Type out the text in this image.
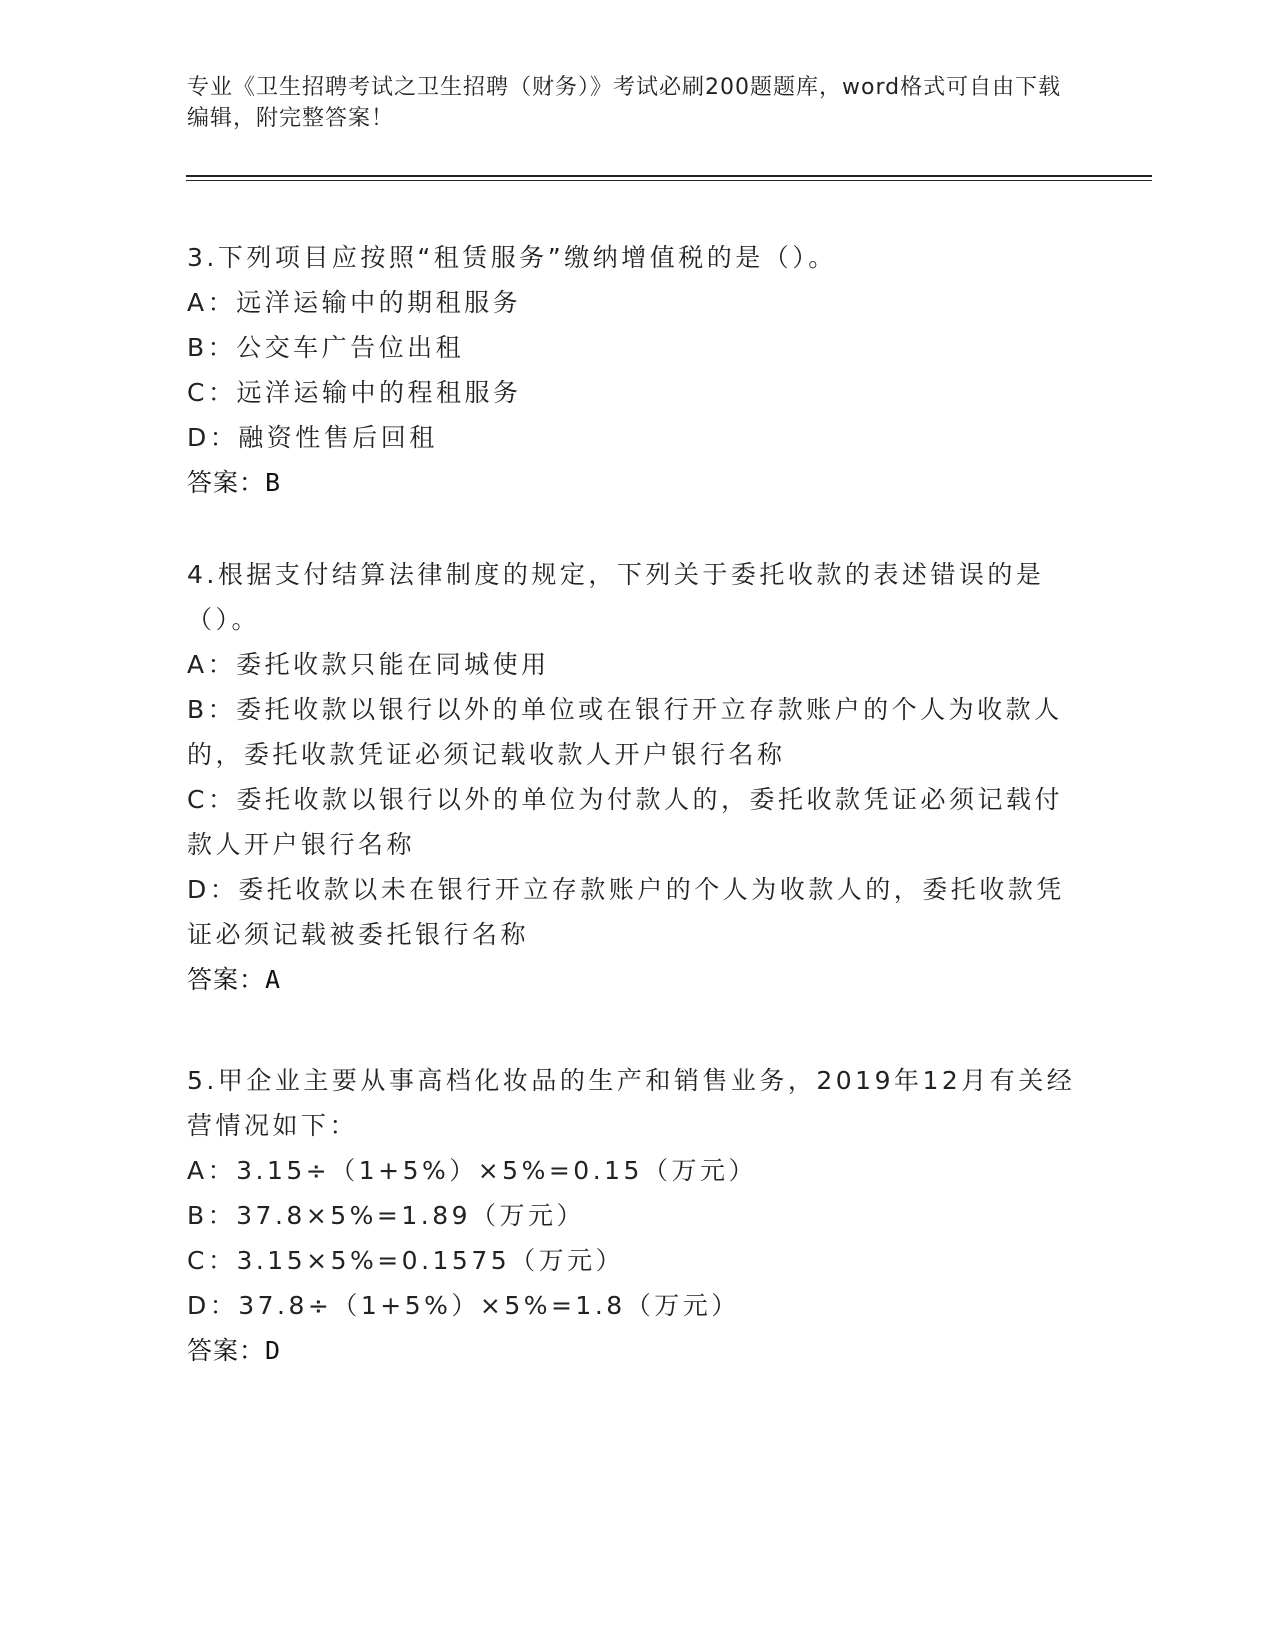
专业《卫生招聘考试之卫生招聘（财务）》考试必刷200题题库，word格式可自由下载编辑，附完整答案！
3.下列项目应按照“租赁服务”缴纳增值税的是（）。
A：远洋运输中的期租服务
B：公交车广告位出租
C：远洋运输中的程租服务
D：融资性售后回租
答案：B
4.根据支付结算法律制度的规定，下列关于委托收款的表述错误的是（）。
A：委托收款只能在同城使用
B：委托收款以银行以外的单位或在银行开立存款账户的个人为收款人的，委托收款凭证必须记载收款人开户银行名称
C：委托收款以银行以外的单位为付款人的，委托收款凭证必须记载付款人开户银行名称
D：委托收款以未在银行开立存款账户的个人为收款人的，委托收款凭证必须记载被委托银行名称
答案：A
5.甲企业主要从事高档化妆品的生产和销售业务，2019年12月有关经营情况如下：
A：3.15÷（1+5%）×5%=0.15（万元）
B：37.8×5%=1.89（万元）
C：3.15×5%=0.1575（万元）
D：37.8÷（1+5%）×5%=1.8（万元）
答案：D
